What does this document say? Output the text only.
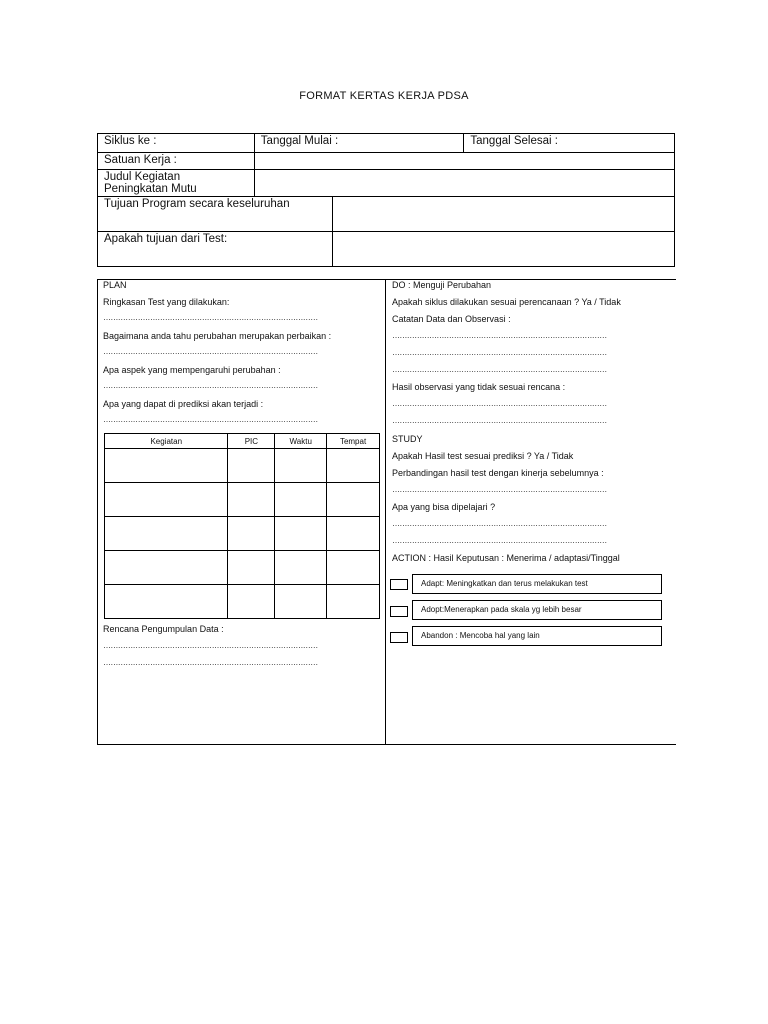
FORMAT KERTAS KERJA PDSA
Siklus ke :	Tanggal Mulai :		Tanggal Selesai :
Satuan Kerja :			

Judul Kegiatan
Peningkatan Mutu			

Tujuan Program secara keseluruhan			
Apakah tujuan dari Test:			
PLAN
Ringkasan Test yang dilakukan:
……………………………………………………………………………
Bagaimana anda tahu perubahan merupakan perbaikan :
……………………………………………………………………………
Apa aspek yang mempengaruhi perubahan :
……………………………………………………………………………
Apa yang dapat di prediksi akan terjadi :
……………………………………………………………………………
Kegiatan	PIC	Waktu	Tempat

Rencana Pengumpulan Data :
……………………………………………………………………………
……………………………………………………………………………
DO : Menguji Perubahan
Apakah siklus dilakukan sesuai perencanaan ? Ya / Tidak
Catatan Data dan Observasi :
……………………………………………………………………………
……………………………………………………………………………
……………………………………………………………………………
Hasil observasi yang tidak sesuai rencana :
……………………………………………………………………………
……………………………………………………………………………
STUDY
Apakah Hasil test sesuai prediksi ? Ya / Tidak
Perbandingan hasil test dengan kinerja sebelumnya :
……………………………………………………………………………
Apa yang bisa dipelajari ?
……………………………………………………………………………
……………………………………………………………………………
ACTION : Hasil Keputusan : Menerima / adaptasi/Tinggal
Adapt: Meningkatkan dan terus melakukan test
Adopt:Menerapkan pada skala yg lebih besar
Abandon : Mencoba hal yang lain
